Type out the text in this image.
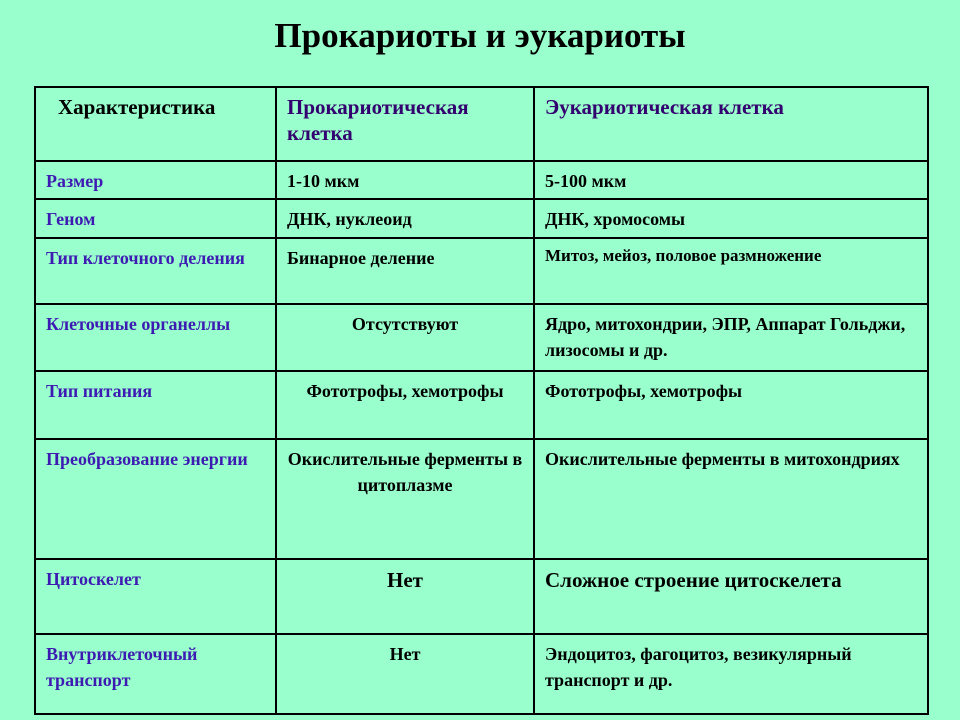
Прокариоты и эукариоты
Характеристика	Прокариотическая клетка	Эукариотическая клетка
Размер	1-10 мкм	5-100 мкм
Геном	ДНК, нуклеоид	ДНК, хромосомы
Тип клеточного деления	Бинарное деление	Митоз, мейоз, половое размножение
Клеточные органеллы	Отсутствуют	Ядро, митохондрии, ЭПР, Аппарат Гольджи, лизосомы и др.
Тип питания	Фототрофы, хемотрофы	Фототрофы, хемотрофы
Преобразование энергии	Окислительные ферменты в цитоплазме	Окислительные ферменты в митохондриях
Цитоскелет	Нет	Сложное строение цитоскелета
Внутриклеточный транспорт	Нет	Эндоцитоз, фагоцитоз, везикулярный транспорт и др.
